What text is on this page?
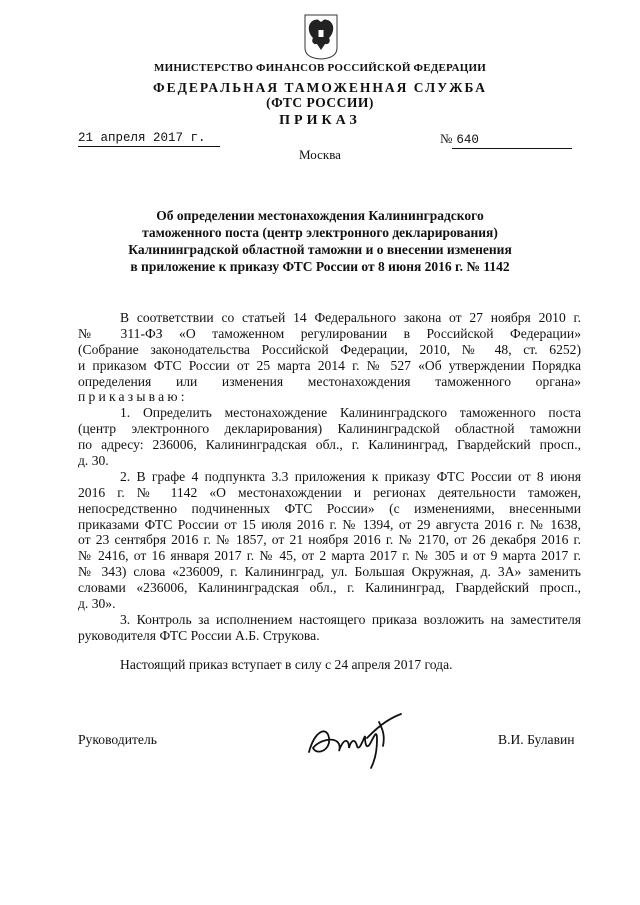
МИНИСТЕРСТВО ФИНАНСОВ РОССИЙСКОЙ ФЕДЕРАЦИИ
ФЕДЕРАЛЬНАЯ ТАМОЖЕННАЯ СЛУЖБА
(ФТС РОССИИ)
ПРИКАЗ
21 апреля 2017 г.	№ 640
Москва
Об определении местонахождения Калининградского
таможенного поста (центр электронного декларирования)
Калининградской областной таможни и о внесении изменения
в приложение к приказу ФТС России от 8 июня 2016 г. № 1142
В соответствии со статьей 14 Федерального закона от 27 ноября 2010 г.
№ 311-ФЗ «О таможенном регулировании в Российской Федерации»
(Собрание законодательства Российской Федерации, 2010, № 48, ст. 6252)
и приказом ФТС России от 25 марта 2014 г. № 527 «Об утверждении Порядка
определения или изменения местонахождения таможенного органа»
приказываю:
1. Определить местонахождение Калининградского таможенного поста
(центр электронного декларирования) Калининградской областной таможни
по адресу: 236006, Калининградская обл., г. Калининград, Гвардейский просп.,
д. 30.
2. В графе 4 подпункта 3.3 приложения к приказу ФТС России от 8 июня
2016 г. № 1142 «О местонахождении и регионах деятельности таможен,
непосредственно подчиненных ФТС России» (с изменениями, внесенными
приказами ФТС России от 15 июля 2016 г. № 1394, от 29 августа 2016 г. № 1638,
от 23 сентября 2016 г. № 1857, от 21 ноября 2016 г. № 2170, от 26 декабря 2016 г.
№ 2416, от 16 января 2017 г. № 45, от 2 марта 2017 г. № 305 и от 9 марта 2017 г.
№ 343) слова «236009, г. Калининград, ул. Большая Окружная, д. 3А» заменить
словами «236006, Калининградская обл., г. Калининград, Гвардейский просп.,
д. 30».
3. Контроль за исполнением настоящего приказа возложить на заместителя
руководителя ФТС России А.Б. Струкова.
Настоящий приказ вступает в силу с 24 апреля 2017 года.
Руководитель	В.И. Булавин
